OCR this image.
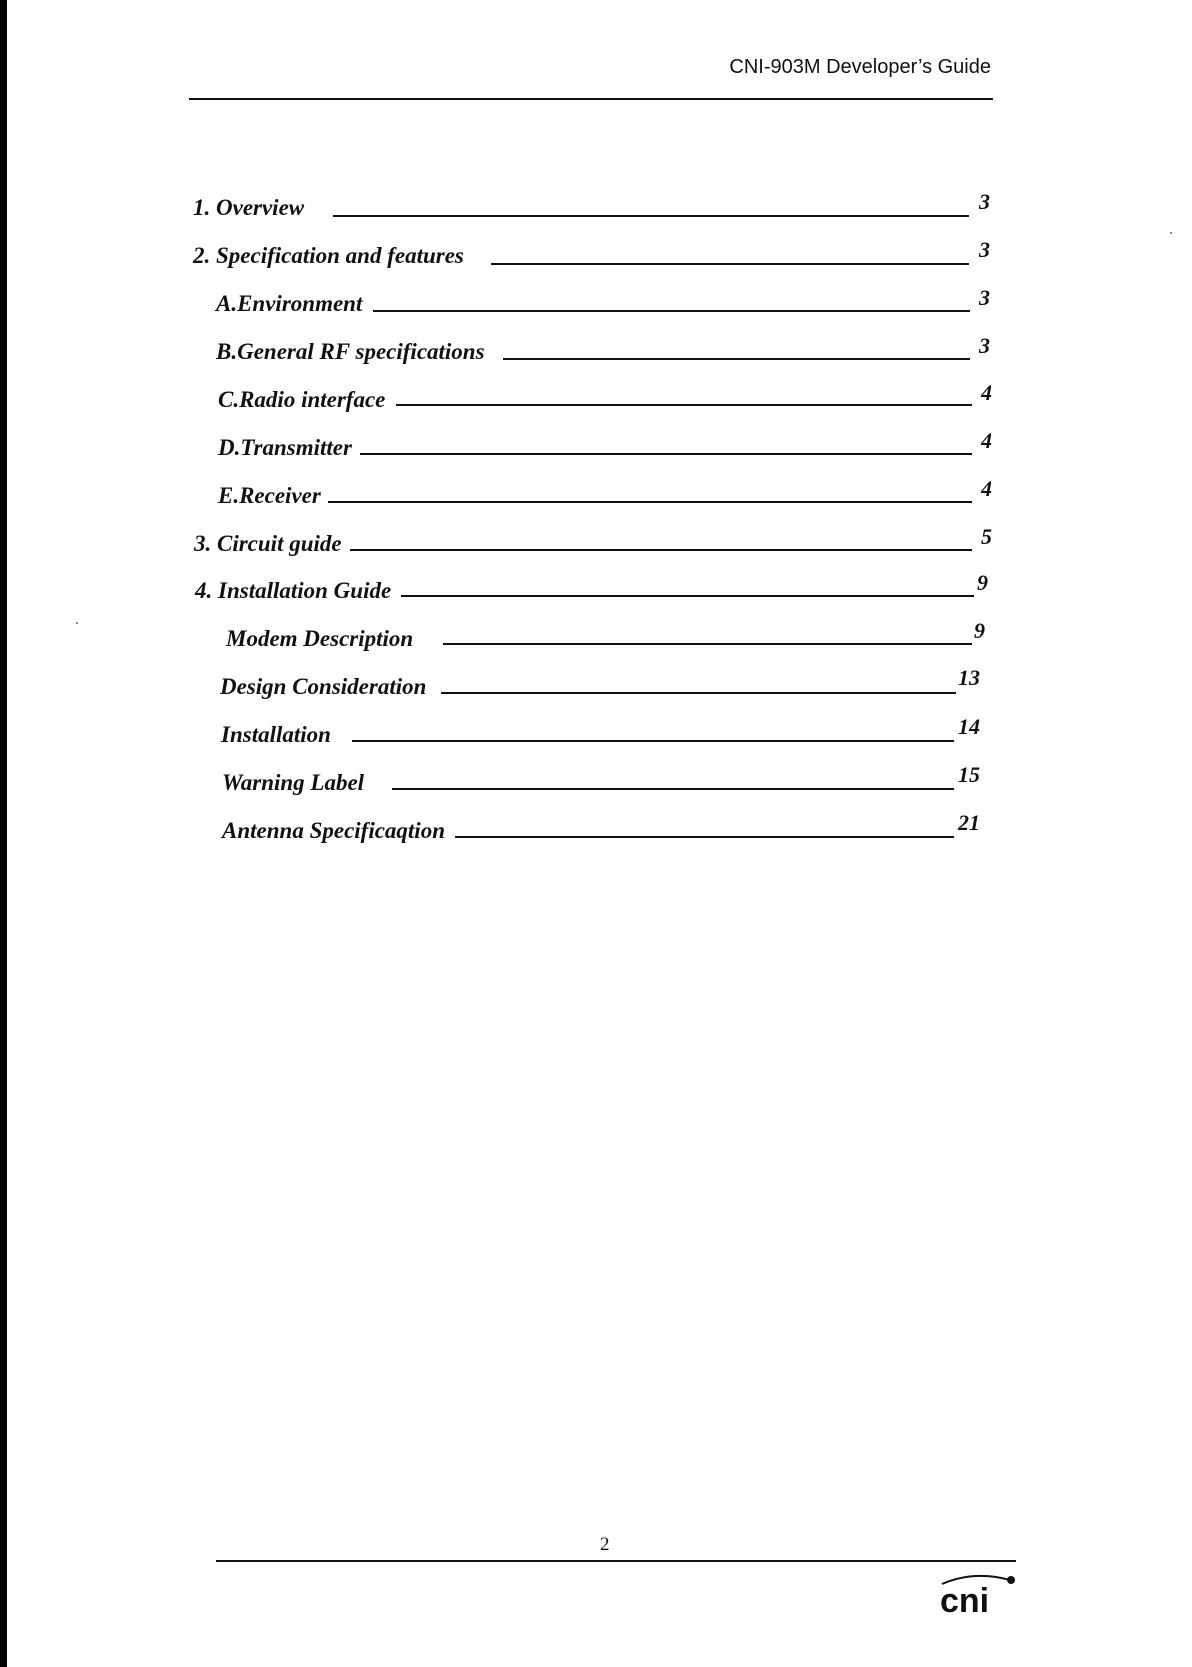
CNI-903M Developer’s Guide
1. Overview	3
2. Specification and features	3
A.Environment	3
B.General RF specifications	3
C.Radio interface	4
D.Transmitter	4
E.Receiver	4
3. Circuit guide	5
4. Installation Guide	9
Modem Description	9
Design Consideration	13
Installation	14
Warning Label	15
Antenna Specificaqtion	21
2
cni
